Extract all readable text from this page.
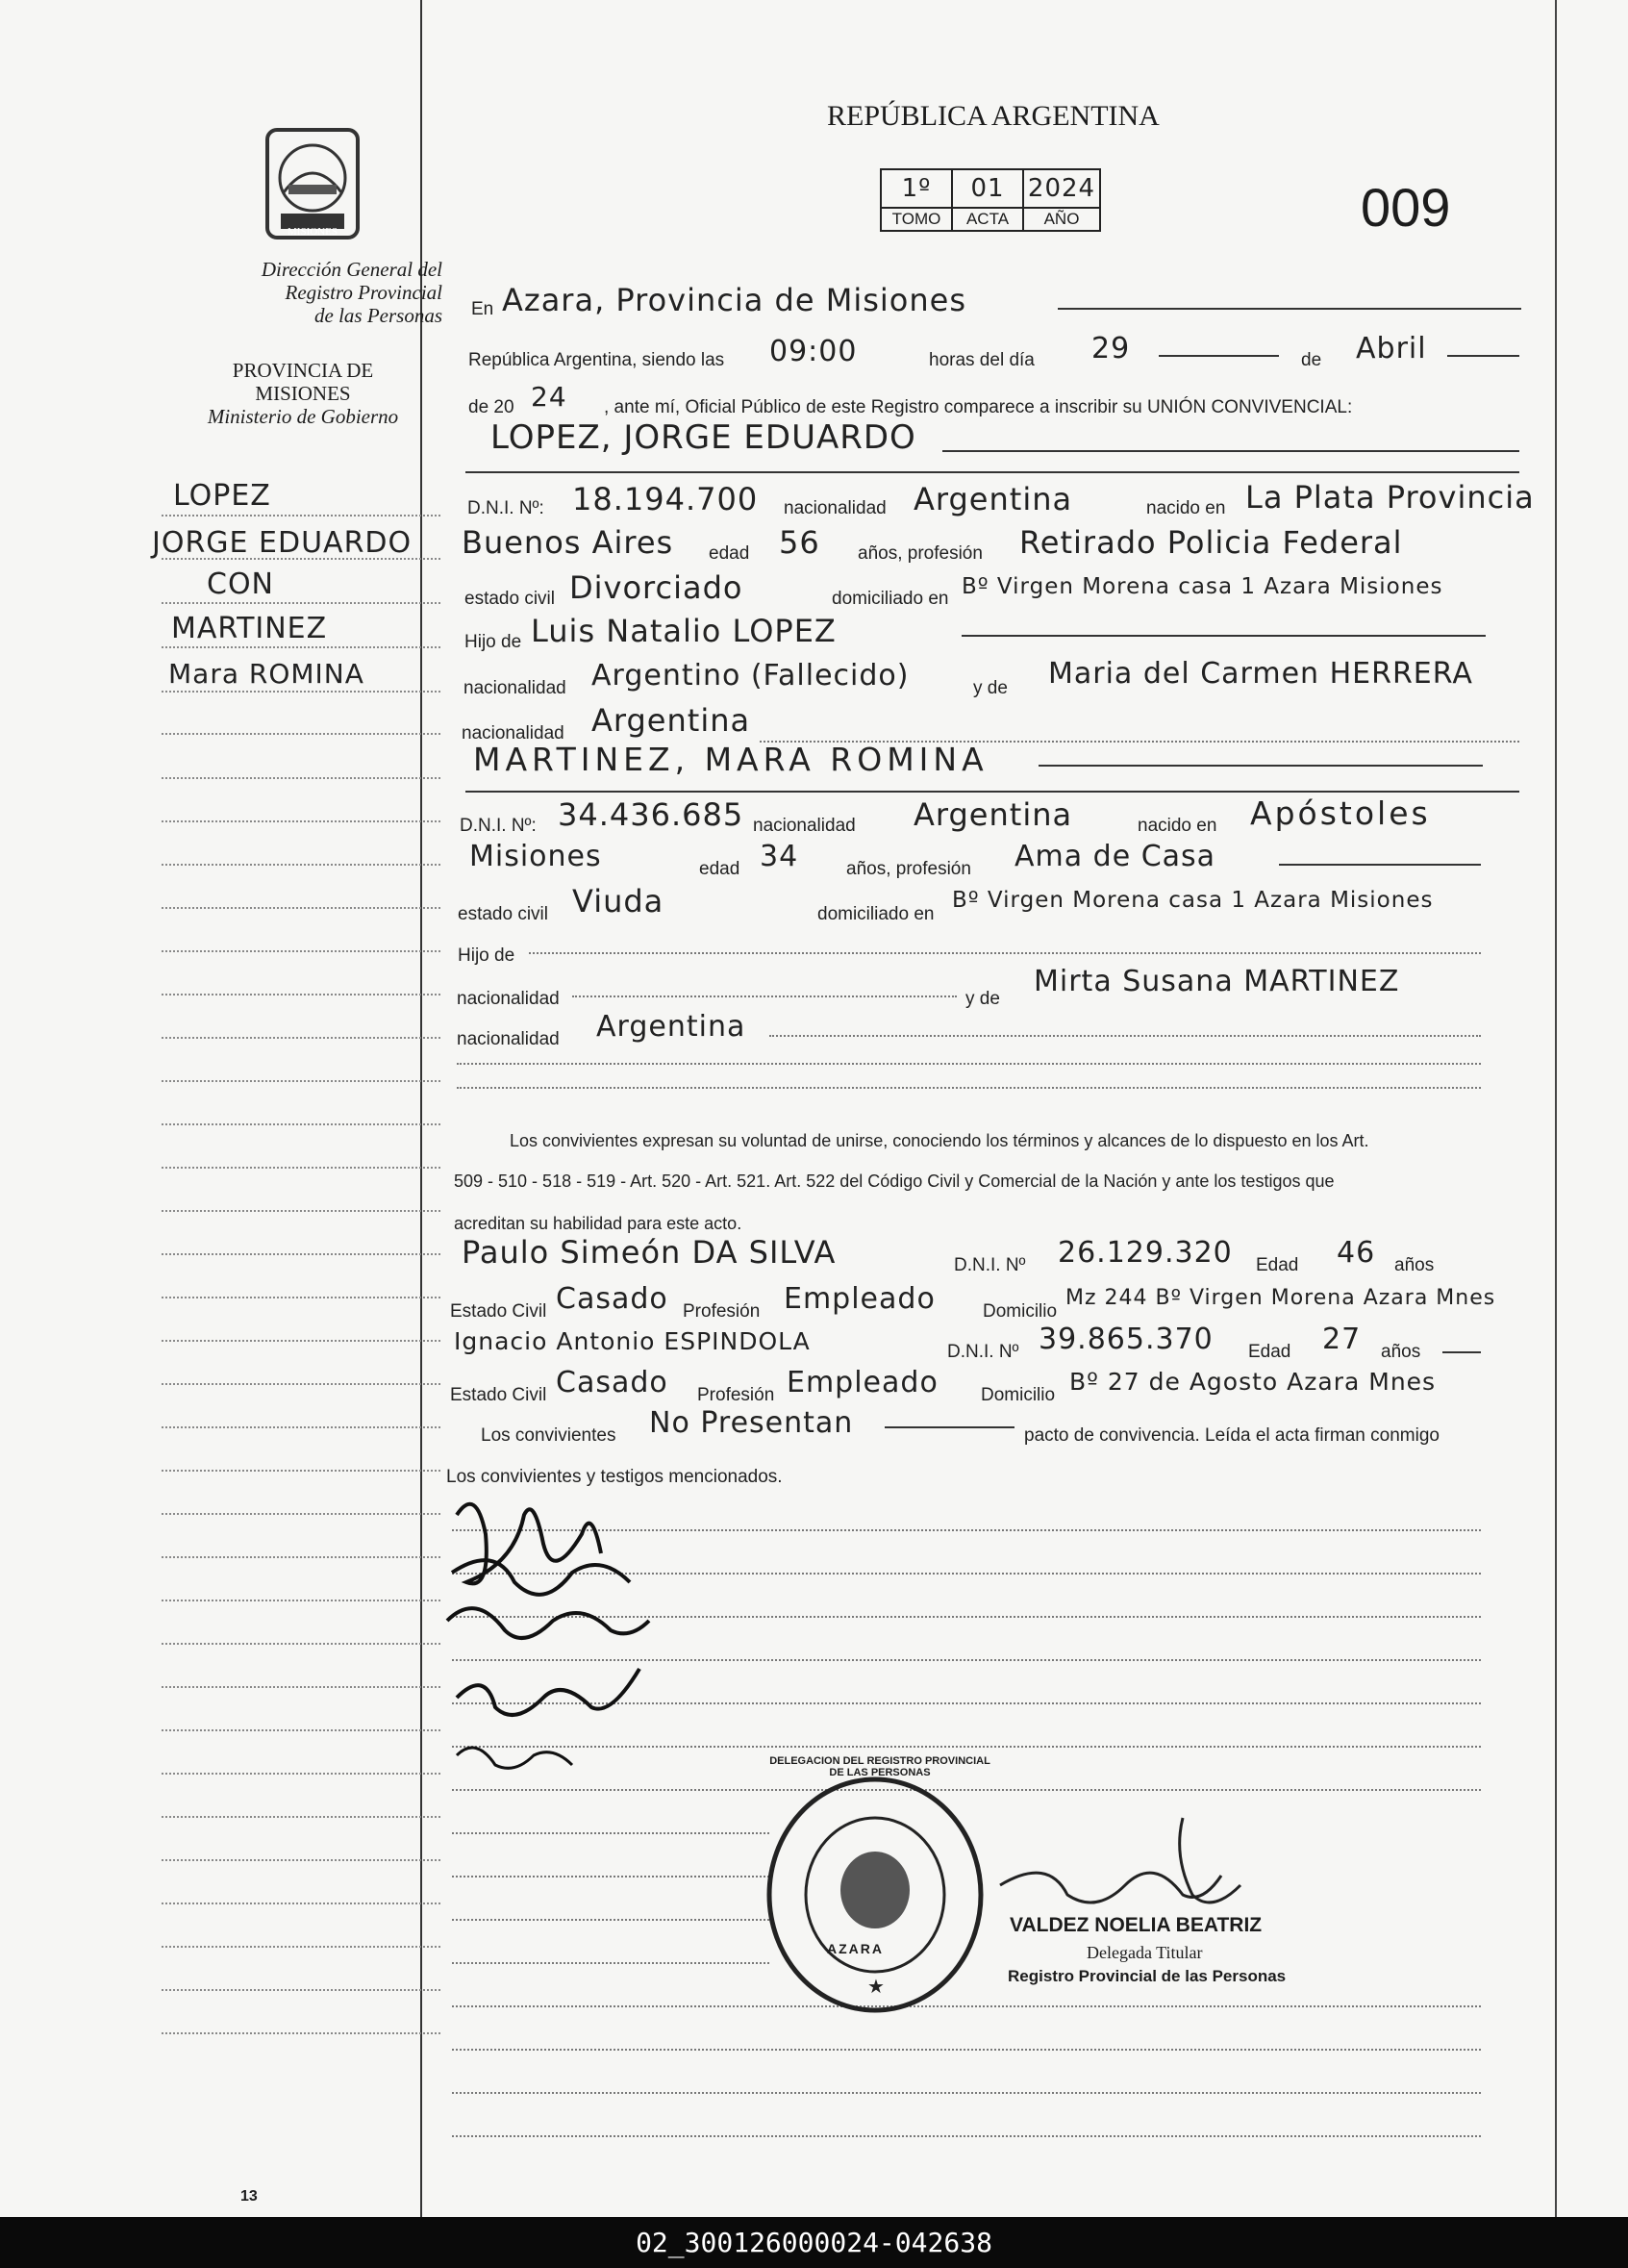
MISIONES
Dirección General del
Registro Provincial
de las Personas
PROVINCIA DE
MISIONES
Ministerio de Gobierno
LOPEZ
JORGE EDUARDO
CON
MARTINEZ
Mara ROMINA
13
REPÚBLICA ARGENTINA
1º	01	2024
TOMO	ACTA	AÑO	009
En Azara, Provincia de Misiones
República Argentina, siendo las 09:00	horas del día 29	de Abril
de 20 24 , ante mí, Oficial Público de este Registro comparece a inscribir su UNIÓN CONVIVENCIAL:
LOPEZ, JORGE EDUARDO
D.N.I. Nº: 18.194.700 nacionalidad Argentina	nacido en La Plata Provincia
Buenos Aires edad 56 años, profesión Retirado Policia Federal
estado civil Divorciado	domiciliado en Bº Virgen Morena casa 1 Azara Misiones
Hijo de Luis Natalio LOPEZ
nacionalidad Argentino (Fallecido)	y de Maria del Carmen HERRERA
nacionalidad Argentina
MARTINEZ, MARA ROMINA
D.N.I. Nº: 34.436.685 nacionalidad Argentina	nacido en Apóstoles
Misiones	edad 34	años, profesión Ama de Casa
estado civil Viuda	domiciliado en
Bº Virgen Morena casa 1 Azara Misiones
Hijo de
nacionalidad	y de
Mirta Susana MARTINEZ
nacionalidad Argentina
Los convivientes expresan su voluntad de unirse, conociendo los términos y alcances de lo dispuesto en los Art.
509 - 510 - 518 - 519 - Art. 520 - Art. 521. Art. 522 del Código Civil y Comercial de la Nación y ante los testigos que
acreditan su habilidad para este acto.
Paulo Simeón DA SILVA	D.N.I. Nº 26.129.320 Edad 46 años
Estado Civil Casado Profesión Empleado	Domicilio
Mz 244 Bº Virgen Morena Azara Mnes
Ignacio Antonio ESPINDOLA	D.N.I. Nº 39.865.370 Edad 27 años
Estado Civil Casado Profesión Empleado Domicilio Bº 27 de Agosto Azara Mnes
Los convivientes No Presentan	pacto de convivencia. Leída el acta firman conmigo
Los convivientes y testigos mencionados.
★
AZARA
DELEGACION DEL REGISTRO PROVINCIAL DE LAS PERSONAS
VALDEZ NOELIA BEATRIZ
Delegada Titular
Registro Provincial de las Personas
02_300126000024-042638
